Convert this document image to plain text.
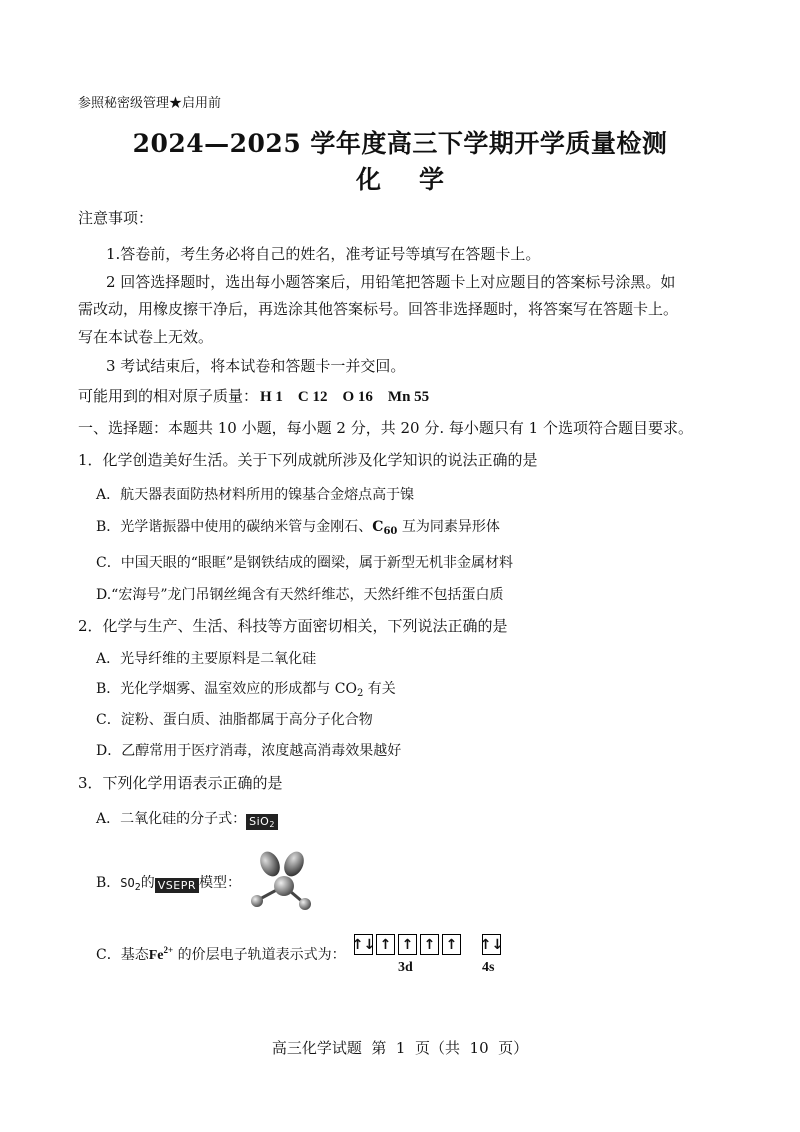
参照秘密级管理★启用前
2024—2025 学年度高三下学期开学质量检测
化学
注意事项：
1.答卷前，考生务必将自己的姓名，准考证号等填写在答题卡上。
2 回答选择题时，选出每小题答案后，用铅笔把答题卡上对应题目的答案标号涂黑。如
需改动，用橡皮擦干净后，再选涂其他答案标号。回答非选择题时，将答案写在答题卡上。
写在本试卷上无效。
3 考试结束后，将本试卷和答题卡一并交回。
可能用到的相对原子质量： H 1    C 12    O 16    Mn 55
一、选择题：本题共 10 小题，每小题 2 分，共 20 分. 每小题只有 1 个选项符合题目要求。
1．化学创造美好生活。关于下列成就所涉及化学知识的说法正确的是
A．航天器表面防热材料所用的镍基合金熔点高于镍
B．光学谐振器中使用的碳纳米管与金刚石、$C_{60}$ 互为同素异形体
C．中国天眼的“眼眶”是钢铁结成的圈梁，属于新型无机非金属材料
D.“宏海号”龙门吊钢丝绳含有天然纤维芯，天然纤维不包括蛋白质
2．化学与生产、生活、科技等方面密切相关，下列说法正确的是
A．光导纤维的主要原料是二氧化硅
B．光化学烟雾、温室效应的形成都与 $CO_2$ 有关
C．淀粉、蛋白质、油脂都属于高分子化合物
D．乙醇常用于医疗消毒，浓度越高消毒效果越好
3．下列化学用语表示正确的是
A．二氧化硅的分子式： SiO2
B．$SO_2$的 VSEPR 模型：
C．基态$Fe^{2+}$ 的价层电子轨道表示式为：
↑↓ ↑ ↑ ↑ ↑ ↑↓
3d	4s
高三化学试题  第  1  页（共  10  页）
